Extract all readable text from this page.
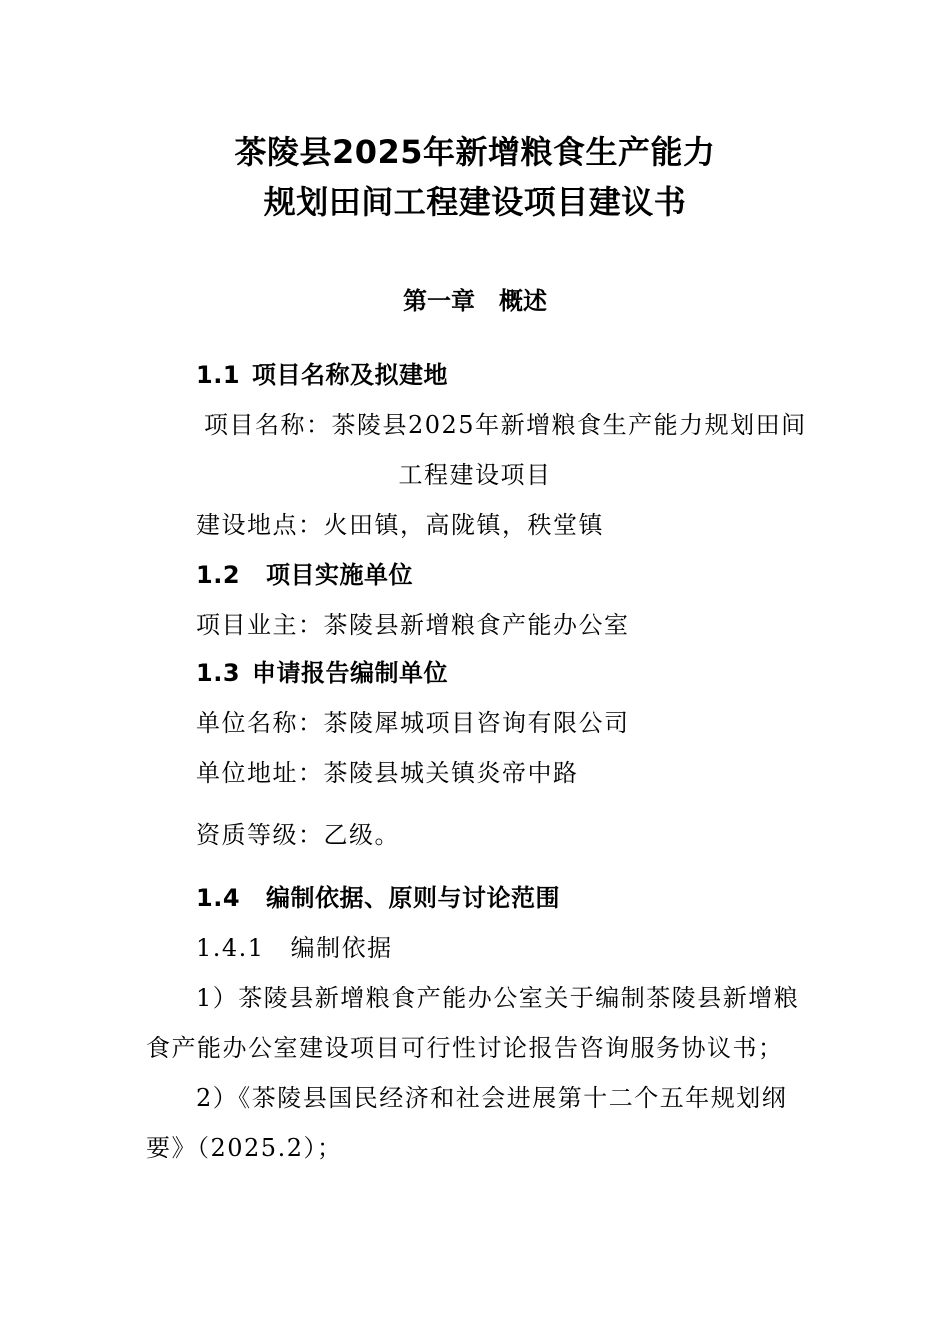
茶陵县2025年新增粮食生产能力
规划田间工程建设项目建议书
第一章　概述
1.1 项目名称及拟建地
项目名称：茶陵县2025年新增粮食生产能力规划田间
工程建设项目
建设地点：火田镇，高陇镇，秩堂镇
1.2 项目实施单位
项目业主：茶陵县新增粮食产能办公室
1.3 申请报告编制单位
单位名称：茶陵犀城项目咨询有限公司
单位地址：茶陵县城关镇炎帝中路
资质等级：乙级。
1.4 编制依据、原则与讨论范围
1.4.1 编制依据
1）茶陵县新增粮食产能办公室关于编制茶陵县新增粮
食产能办公室建设项目可行性讨论报告咨询服务协议书；
2）《茶陵县国民经济和社会进展第十二个五年规划纲
要》（2025.2）；
